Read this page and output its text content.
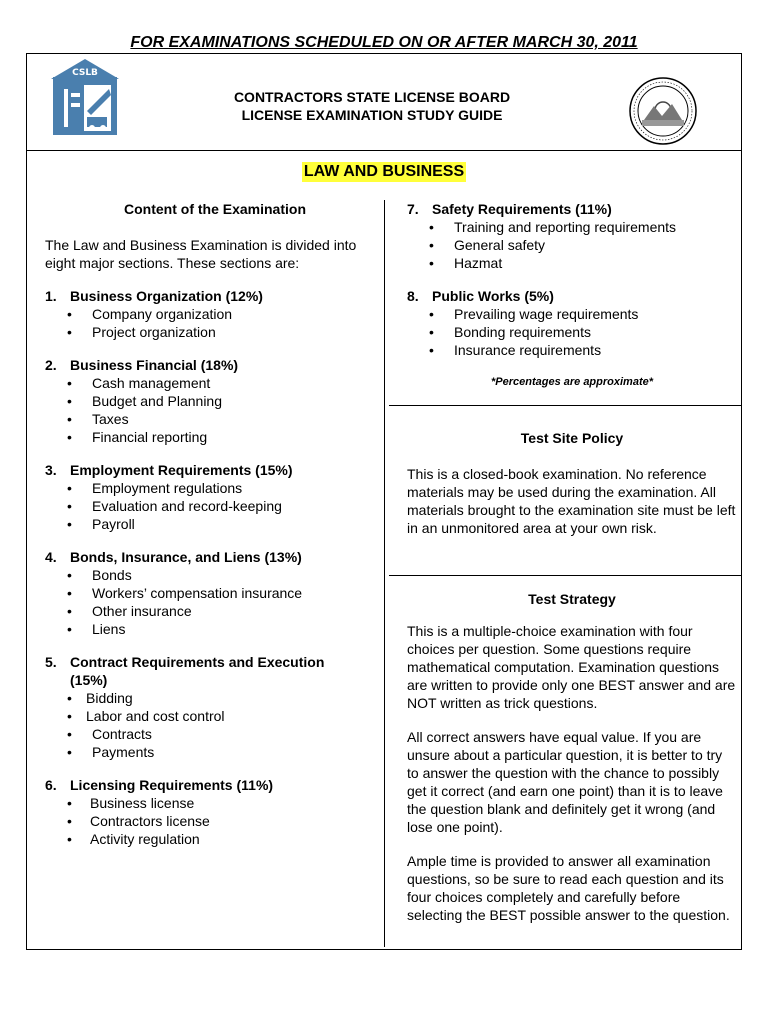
FOR EXAMINATIONS SCHEDULED ON OR AFTER MARCH 30, 2011
CSLB
CONTRACTORS STATE LICENSE BOARD
LICENSE EXAMINATION STUDY GUIDE
LAW AND BUSINESS
Content of the Examination
The Law and Business Examination is divided into eight major sections. These sections are:
1. Business Organization (12%)
•	Company organization
•	Project organization
2. Business Financial (18%)
•	Cash management
•	Budget and Planning
•	Taxes
•	Financial reporting
3. Employment Requirements (15%)
•	Employment regulations
•	Evaluation and record-keeping
•	Payroll
4. Bonds, Insurance, and Liens (13%)
•	Bonds
•	Workers’ compensation insurance
•	Other insurance
•	Liens
5. Contract Requirements and Execution (15%)
•	Bidding
•	Labor and cost control
•	Contracts
•	Payments
6. Licensing Requirements (11%)
•	Business license
•	Contractors license
•	Activity regulation
7. Safety Requirements (11%)
•	Training and reporting requirements
•	General safety
•	Hazmat
8. Public Works (5%)
•	Prevailing wage requirements
•	Bonding requirements
•	Insurance requirements
*Percentages are approximate*
Test Site Policy
This is a closed-book examination. No reference materials may be used during the examination. All materials brought to the examination site must be left in an unmonitored area at your own risk.
Test Strategy
This is a multiple-choice examination with four choices per question. Some questions require mathematical computation. Examination questions are written to provide only one BEST answer and are NOT written as trick questions.
All correct answers have equal value. If you are unsure about a particular question, it is better to try to answer the question with the chance to possibly get it correct (and earn one point) than it is to leave the question blank and definitely get it wrong (and lose one point).
Ample time is provided to answer all examination questions, so be sure to read each question and its four choices completely and carefully before selecting the BEST possible answer to the question.
